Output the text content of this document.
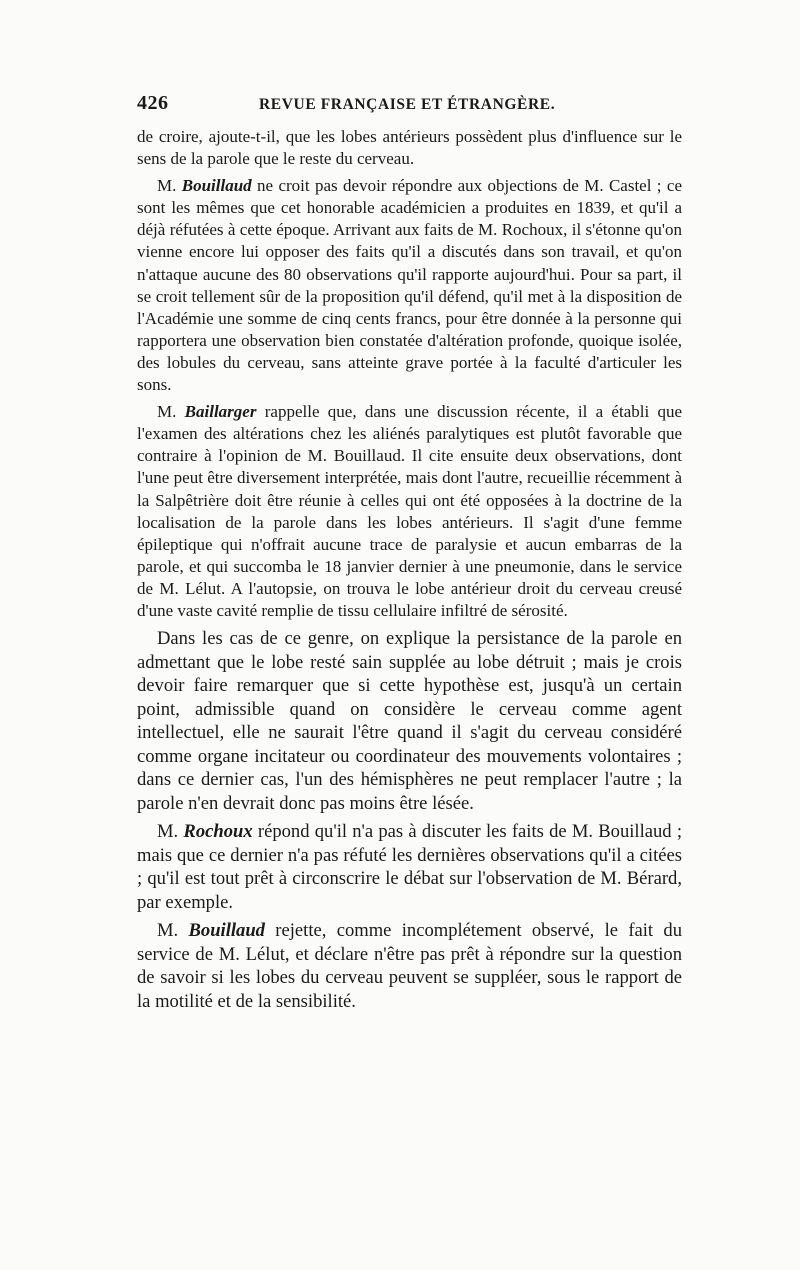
426	REVUE FRANÇAISE ET ÉTRANGÈRE.

de croire, ajoute-t-il, que les lobes antérieurs possèdent plus d'influence sur le sens de la parole que le reste du cerveau.

M. Bouillaud ne croit pas devoir répondre aux objections de M. Castel ; ce sont les mêmes que cet honorable académicien a produites en 1839, et qu'il a déjà réfutées à cette époque. Arrivant aux faits de M. Rochoux, il s'étonne qu'on vienne encore lui opposer des faits qu'il a discutés dans son travail, et qu'on n'attaque aucune des 80 observations qu'il rapporte aujourd'hui. Pour sa part, il se croit tellement sûr de la proposition qu'il défend, qu'il met à la disposition de l'Académie une somme de cinq cents francs, pour être donnée à la personne qui rapportera une observation bien constatée d'altération profonde, quoique isolée, des lobules du cerveau, sans atteinte grave portée à la faculté d'articuler les sons.

M. Baillarger rappelle que, dans une discussion récente, il a établi que l'examen des altérations chez les aliénés paralytiques est plutôt favorable que contraire à l'opinion de M. Bouillaud. Il cite ensuite deux observations, dont l'une peut être diversement interprétée, mais dont l'autre, recueillie récemment à la Salpêtrière doit être réunie à celles qui ont été opposées à la doctrine de la localisation de la parole dans les lobes antérieurs. Il s'agit d'une femme épileptique qui n'offrait aucune trace de paralysie et aucun embarras de la parole, et qui succomba le 18 janvier dernier à une pneumonie, dans le service de M. Lélut. A l'autopsie, on trouva le lobe antérieur droit du cerveau creusé d'une vaste cavité remplie de tissu cellulaire infiltré de sérosité.

Dans les cas de ce genre, on explique la persistance de la parole en admettant que le lobe resté sain supplée au lobe détruit ; mais je crois devoir faire remarquer que si cette hypothèse est, jusqu'à un certain point, admissible quand on considère le cerveau comme agent intellectuel, elle ne saurait l'être quand il s'agit du cerveau considéré comme organe incitateur ou coordinateur des mouvements volontaires ; dans ce dernier cas, l'un des hémisphères ne peut remplacer l'autre ; la parole n'en devrait donc pas moins être lésée.

M. Rochoux répond qu'il n'a pas à discuter les faits de M. Bouillaud ; mais que ce dernier n'a pas réfuté les dernières observations qu'il a citées ; qu'il est tout prêt à circonscrire le débat sur l'observation de M. Bérard, par exemple.

M. Bouillaud rejette, comme incomplétement observé, le fait du service de M. Lélut, et déclare n'être pas prêt à répondre sur la question de savoir si les lobes du cerveau peuvent se suppléer, sous le rapport de la motilité et de la sensibilité.
